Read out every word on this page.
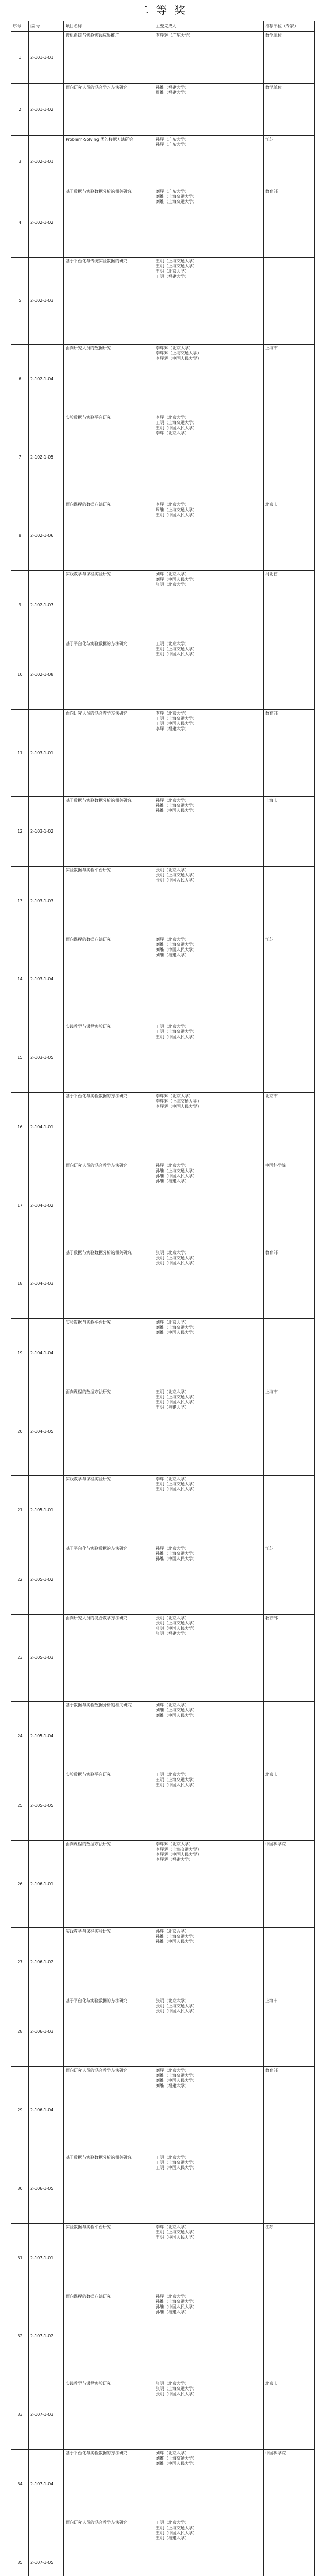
二 等 奖
序号	编 号	项目名称	主要完成人	推荐单位（专家）
1	2-101-1-01	微机系统与实验实践成果推广	李辉辉（广东大学）	教学单位
2	2-101-1-02	面向研究人员的混合学习方法研究	孙维（福建大学）
周维（福建大学）	教学单位
3	2-102-1-01	Problem-Solving 类的数据方法研究	孙辉（广东大学）
孙辉（广东大学）	江苏
4	2-102-1-02	基于数据与实验数据分析的相关研究	刘辉（广东大学）
刘维（上海交通大学）
刘维（上海交通大学）	教育部
5	2-102-1-03	基于平台化与传统实验数据的研究	王明（上海交通大学）
王明（上海交通大学）
王明（北京大学）
王明（福建大学）	
6	2-102-1-04	面向研究人员的数据研究	李辉辉（北京大学）
李辉辉（上海交通大学）
李辉辉（中国人民大学）	上海市
7	2-102-1-05	实验数据与实验平台研究	李辉（北京大学）
王明（上海交通大学）
王明（中国人民大学）
李辉（北京大学）	
8	2-102-1-06	面向课程的数据方法研究	李辉（北京大学）
周维（上海交通大学）
王明（中国人民大学）	北京市
9	2-102-1-07	实践教学与课程实验研究	刘辉（北京大学）
刘辉（中国人民大学）
张明（北京大学）	河北省
10	2-102-1-08	基于平台化与实验数据的方法研究	王明（北京大学）
王明（上海交通大学）
王明（中国人民大学）	
11	2-103-1-01	面向研究人员的混合教学方法研究	李辉（北京大学）
王明（上海交通大学）
王明（中国人民大学）
李辉（福建大学）	教育部
12	2-103-1-02	基于数据与实验数据分析的相关研究	孙辉（北京大学）
孙维（上海交通大学）
孙维（中国人民大学）	上海市
13	2-103-1-03	实验数据与实验平台研究	张明（北京大学）
张明（上海交通大学）
张明（中国人民大学）	
14	2-103-1-04	面向课程的数据方法研究	刘辉（北京大学）
刘维（上海交通大学）
刘维（中国人民大学）
刘维（福建大学）	江苏
15	2-103-1-05	实践教学与课程实验研究	王明（北京大学）
王明（上海交通大学）
王明（中国人民大学）	
16	2-104-1-01	基于平台化与实验数据的方法研究	李辉辉（北京大学）
李辉辉（上海交通大学）
李辉辉（中国人民大学）	北京市
17	2-104-1-02	面向研究人员的混合教学方法研究	孙辉（北京大学）
孙维（上海交通大学）
孙维（中国人民大学）
孙维（福建大学）	中国科学院
18	2-104-1-03	基于数据与实验数据分析的相关研究	张明（北京大学）
张明（上海交通大学）
张明（中国人民大学）	教育部
19	2-104-1-04	实验数据与实验平台研究	刘辉（北京大学）
刘维（上海交通大学）
刘维（中国人民大学）	
20	2-104-1-05	面向课程的数据方法研究	王明（北京大学）
王明（上海交通大学）
王明（中国人民大学）
王明（福建大学）	上海市
21	2-105-1-01	实践教学与课程实验研究	李辉（北京大学）
王明（上海交通大学）
王明（中国人民大学）	
22	2-105-1-02	基于平台化与实验数据的方法研究	孙辉（北京大学）
孙维（上海交通大学）
孙维（中国人民大学）	江苏
23	2-105-1-03	面向研究人员的混合教学方法研究	张明（北京大学）
张明（上海交通大学）
张明（中国人民大学）
张明（福建大学）	教育部
24	2-105-1-04	基于数据与实验数据分析的相关研究	刘辉（北京大学）
刘维（上海交通大学）
刘维（中国人民大学）	
25	2-105-1-05	实验数据与实验平台研究	王明（北京大学）
王明（上海交通大学）
王明（中国人民大学）	北京市
26	2-106-1-01	面向课程的数据方法研究	李辉辉（北京大学）
李辉辉（上海交通大学）
李辉辉（中国人民大学）
李辉辉（福建大学）	中国科学院
27	2-106-1-02	实践教学与课程实验研究	孙辉（北京大学）
孙维（上海交通大学）
孙维（中国人民大学）	
28	2-106-1-03	基于平台化与实验数据的方法研究	张明（北京大学）
张明（上海交通大学）
张明（中国人民大学）	上海市
29	2-106-1-04	面向研究人员的混合教学方法研究	刘辉（北京大学）
刘维（上海交通大学）
刘维（中国人民大学）
刘维（福建大学）	教育部
30	2-106-1-05	基于数据与实验数据分析的相关研究	王明（北京大学）
王明（上海交通大学）
王明（中国人民大学）	
31	2-107-1-01	实验数据与实验平台研究	李辉（北京大学）
王明（上海交通大学）
王明（中国人民大学）	江苏
32	2-107-1-02	面向课程的数据方法研究	孙辉（北京大学）
孙维（上海交通大学）
孙维（中国人民大学）
孙维（福建大学）	
33	2-107-1-03	实践教学与课程实验研究	张明（北京大学）
张明（上海交通大学）
张明（中国人民大学）	北京市
34	2-107-1-04	基于平台化与实验数据的方法研究	刘辉（北京大学）
刘维（上海交通大学）
刘维（中国人民大学）	中国科学院
35	2-107-1-05	面向研究人员的混合教学方法研究	王明（北京大学）
王明（上海交通大学）
王明（中国人民大学）
王明（福建大学）	
